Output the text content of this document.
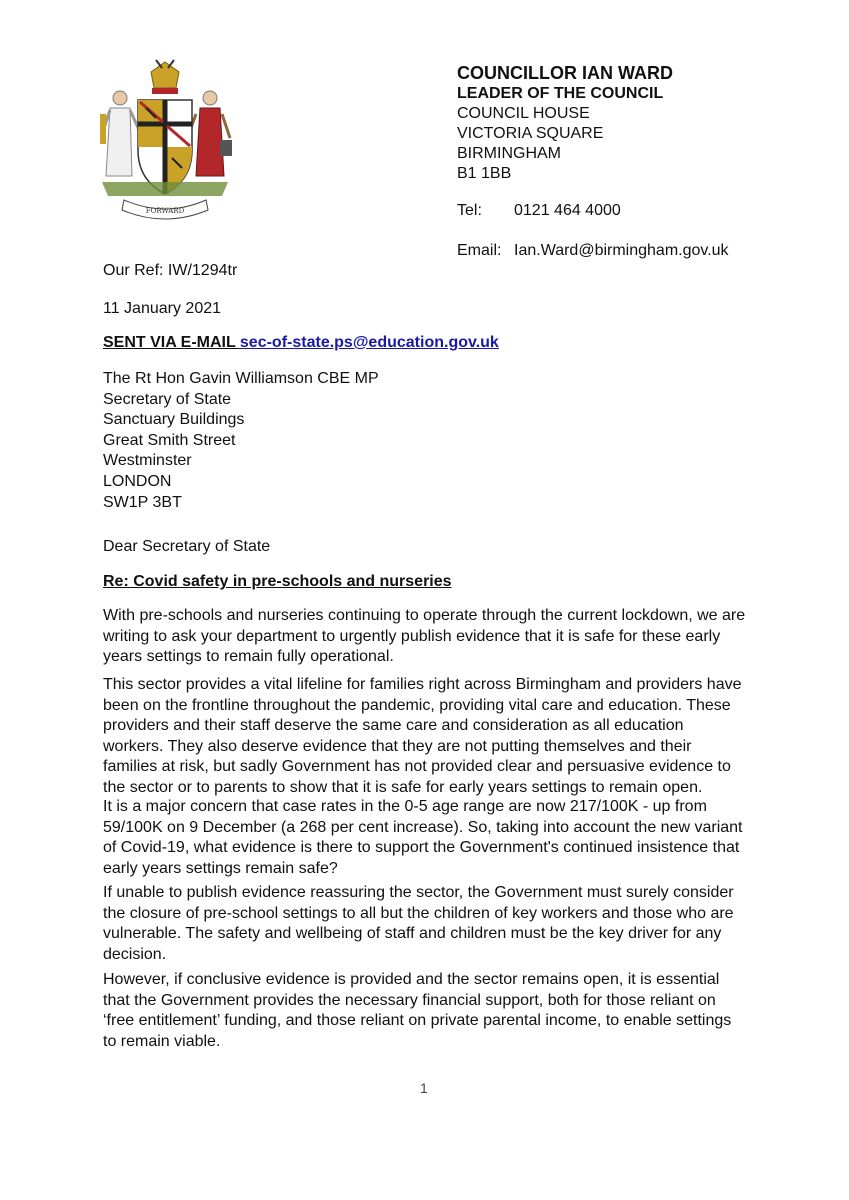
FORWARD
COUNCILLOR IAN WARD
LEADER OF THE COUNCIL
COUNCIL HOUSE
VICTORIA SQUARE
BIRMINGHAM
B1 1BB
Tel: 0121 464 4000
Email: Ian.Ward@birmingham.gov.uk
Our Ref: IW/1294tr
11 January 2021
SENT VIA E-MAIL sec-of-state.ps@education.gov.uk
The Rt Hon Gavin Williamson CBE MP
Secretary of State
Sanctuary Buildings
Great Smith Street
Westminster
LONDON
SW1P 3BT
Dear Secretary of State
Re: Covid safety in pre-schools and nurseries

With pre-schools and nurseries continuing to operate through the current lockdown, we are writing to ask your department to urgently publish evidence that it is safe for these early years settings to remain fully operational.

This sector provides a vital lifeline for families right across Birmingham and providers have been on the frontline throughout the pandemic, providing vital care and education. These providers and their staff deserve the same care and consideration as all education workers. They also deserve evidence that they are not putting themselves and their families at risk, but sadly Government has not provided clear and persuasive evidence to the sector or to parents to show that it is safe for early years settings to remain open.

It is a major concern that case rates in the 0-5 age range are now 217/100K - up from 59/100K on 9 December (a 268 per cent increase). So, taking into account the new variant of Covid-19, what evidence is there to support the Government's continued insistence that early years settings remain safe?

If unable to publish evidence reassuring the sector, the Government must surely consider the closure of pre-school settings to all but the children of key workers and those who are vulnerable. The safety and wellbeing of staff and children must be the key driver for any decision.

However, if conclusive evidence is provided and the sector remains open, it is essential that the Government provides the necessary financial support, both for those reliant on ‘free entitlement’ funding, and those reliant on private parental income, to enable settings to remain viable.

1
